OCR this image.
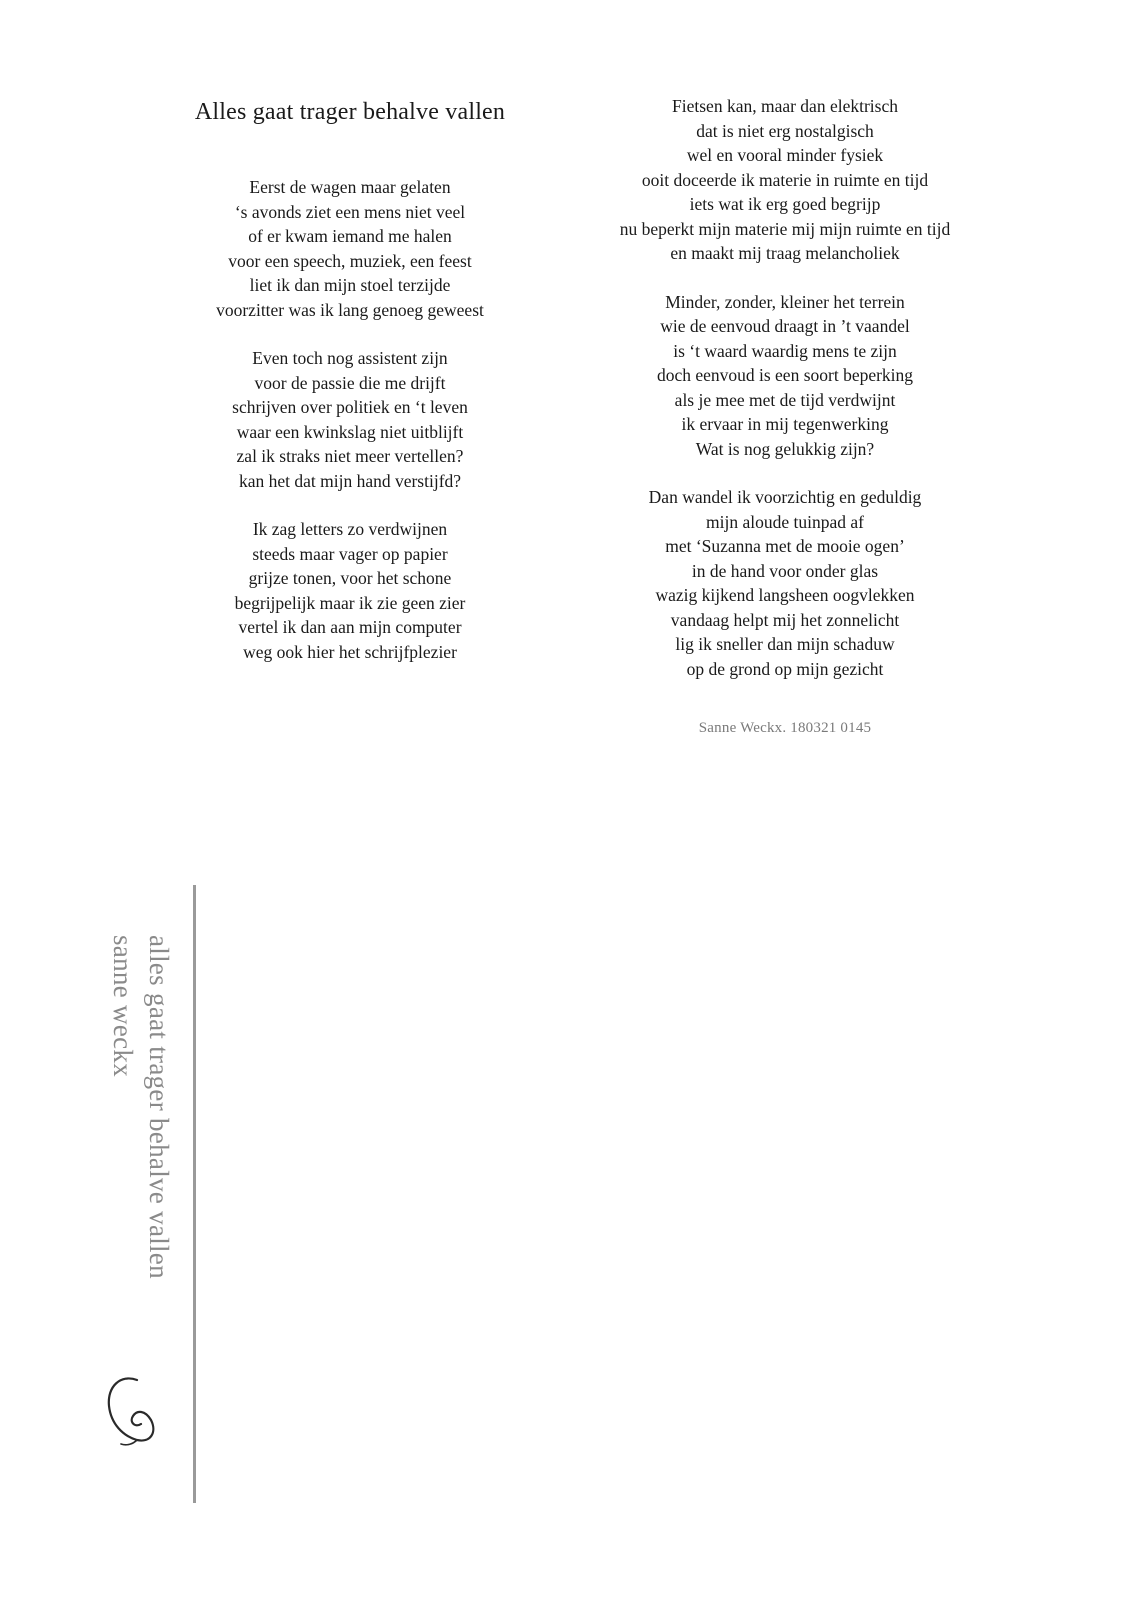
Alles gaat trager behalve vallen
Eerst de wagen maar gelaten
‘s avonds ziet een mens niet veel
of er kwam iemand me halen
voor een speech, muziek, een feest
liet ik dan mijn stoel terzijde
voorzitter was ik lang genoeg geweest
Even toch nog assistent zijn
voor de passie die me drijft
schrijven over politiek en ‘t leven
waar een kwinkslag niet uitblijft
zal ik straks niet meer vertellen?
kan het dat mijn hand verstijfd?
Ik zag letters zo verdwijnen
steeds maar vager op papier
grijze tonen, voor het schone
begrijpelijk maar ik zie geen zier
vertel ik dan aan mijn computer
weg ook hier het schrijfplezier
Fietsen kan, maar dan elektrisch
dat is niet erg nostalgisch
wel en vooral minder fysiek
ooit doceerde ik materie in ruimte en tijd
iets wat ik erg goed begrijp
nu beperkt mijn materie mij mijn ruimte en tijd
en maakt mij traag melancholiek
Minder, zonder, kleiner het terrein
wie de eenvoud draagt in ’t vaandel
is ‘t waard waardig mens te zijn
doch eenvoud is een soort beperking
als je mee met de tijd verdwijnt
ik ervaar in mij tegenwerking
Wat is nog gelukkig zijn?
Dan wandel ik voorzichtig en geduldig
mijn aloude tuinpad af
met ‘Suzanna met de mooie ogen’
in de hand voor onder glas
wazig kijkend langsheen oogvlekken
vandaag helpt mij het zonnelicht
lig ik sneller dan mijn schaduw
op de grond op mijn gezicht
Sanne Weckx. 180321 0145
alles gaat trager behalve vallen
sanne weckx
